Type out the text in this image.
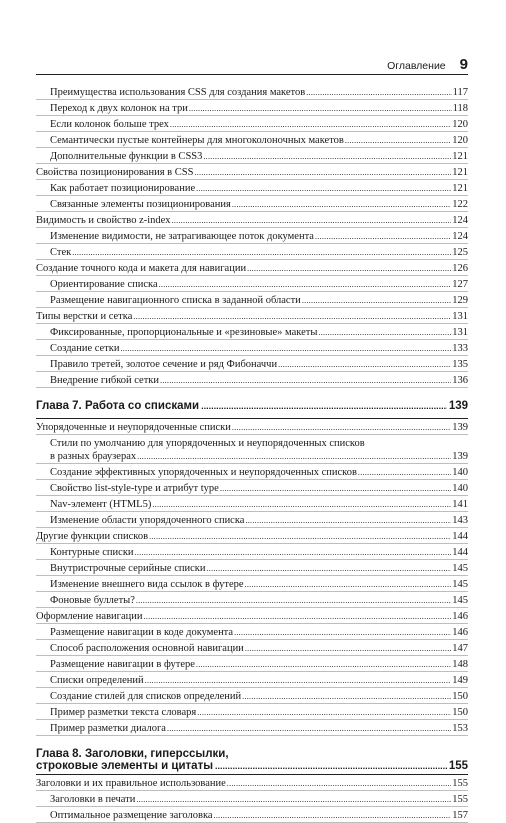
Оглавление 9
Преимущества использования CSS для создания макетов .....	117
Переход к двух колонок на три .....	118
Если колонок больше трех .....	120
Семантически пустые контейнеры для многоколоночных макетов .....	120
Дополнительные функции в CSS3 .....	121
Свойства позиционирования в CSS .....	121
Как работает позиционирование .....	121
Связанные элементы позиционирования .....	122
Видимость и свойство z-index .....	124
Изменение видимости, не затрагивающее поток документа .....	124
Стек .....	125
Создание точного кода и макета для навигации .....	126
Ориентирование списка .....	127
Размещение навигационного списка в заданной области .....	129
Типы верстки и сетка .....	131
Фиксированные, пропорциональные и «резиновые» макеты .....	131
Создание сетки .....	133
Правило третей, золотое сечение и ряд Фибоначчи .....	135
Внедрение гибкой сетки .....	136
Глава 7. Работа со списками .....	139
Упорядоченные и неупорядоченные списки .....	139
Стили по умолчанию для упорядоченных и неупорядоченных списков
в разных браузерах .....	139
Создание эффективных упорядоченных и неупорядоченных списков .....	140
Свойство list-style-type и атрибут type .....	140
Nav-элемент (HTML5) .....	141
Изменение области упорядоченного списка .....	143
Другие функции списков .....	144
Контурные списки .....	144
Внутристрочные серийные списки .....	145
Изменение внешнего вида ссылок в футере .....	145
Фоновые буллеты? .....	145
Оформление навигации .....	146
Размещение навигации в коде документа .....	146
Способ расположения основной навигации .....	147
Размещение навигации в футере .....	148
Списки определений .....	149
Создание стилей для списков определений .....	150
Пример разметки текста словаря .....	150
Пример разметки диалога .....	153
Глава 8. Заголовки, гиперссылки,
строковые элементы и цитаты .....	155
Заголовки и их правильное использование .....	155
Заголовки в печати .....	155
Оптимальное размещение заголовка .....	157
